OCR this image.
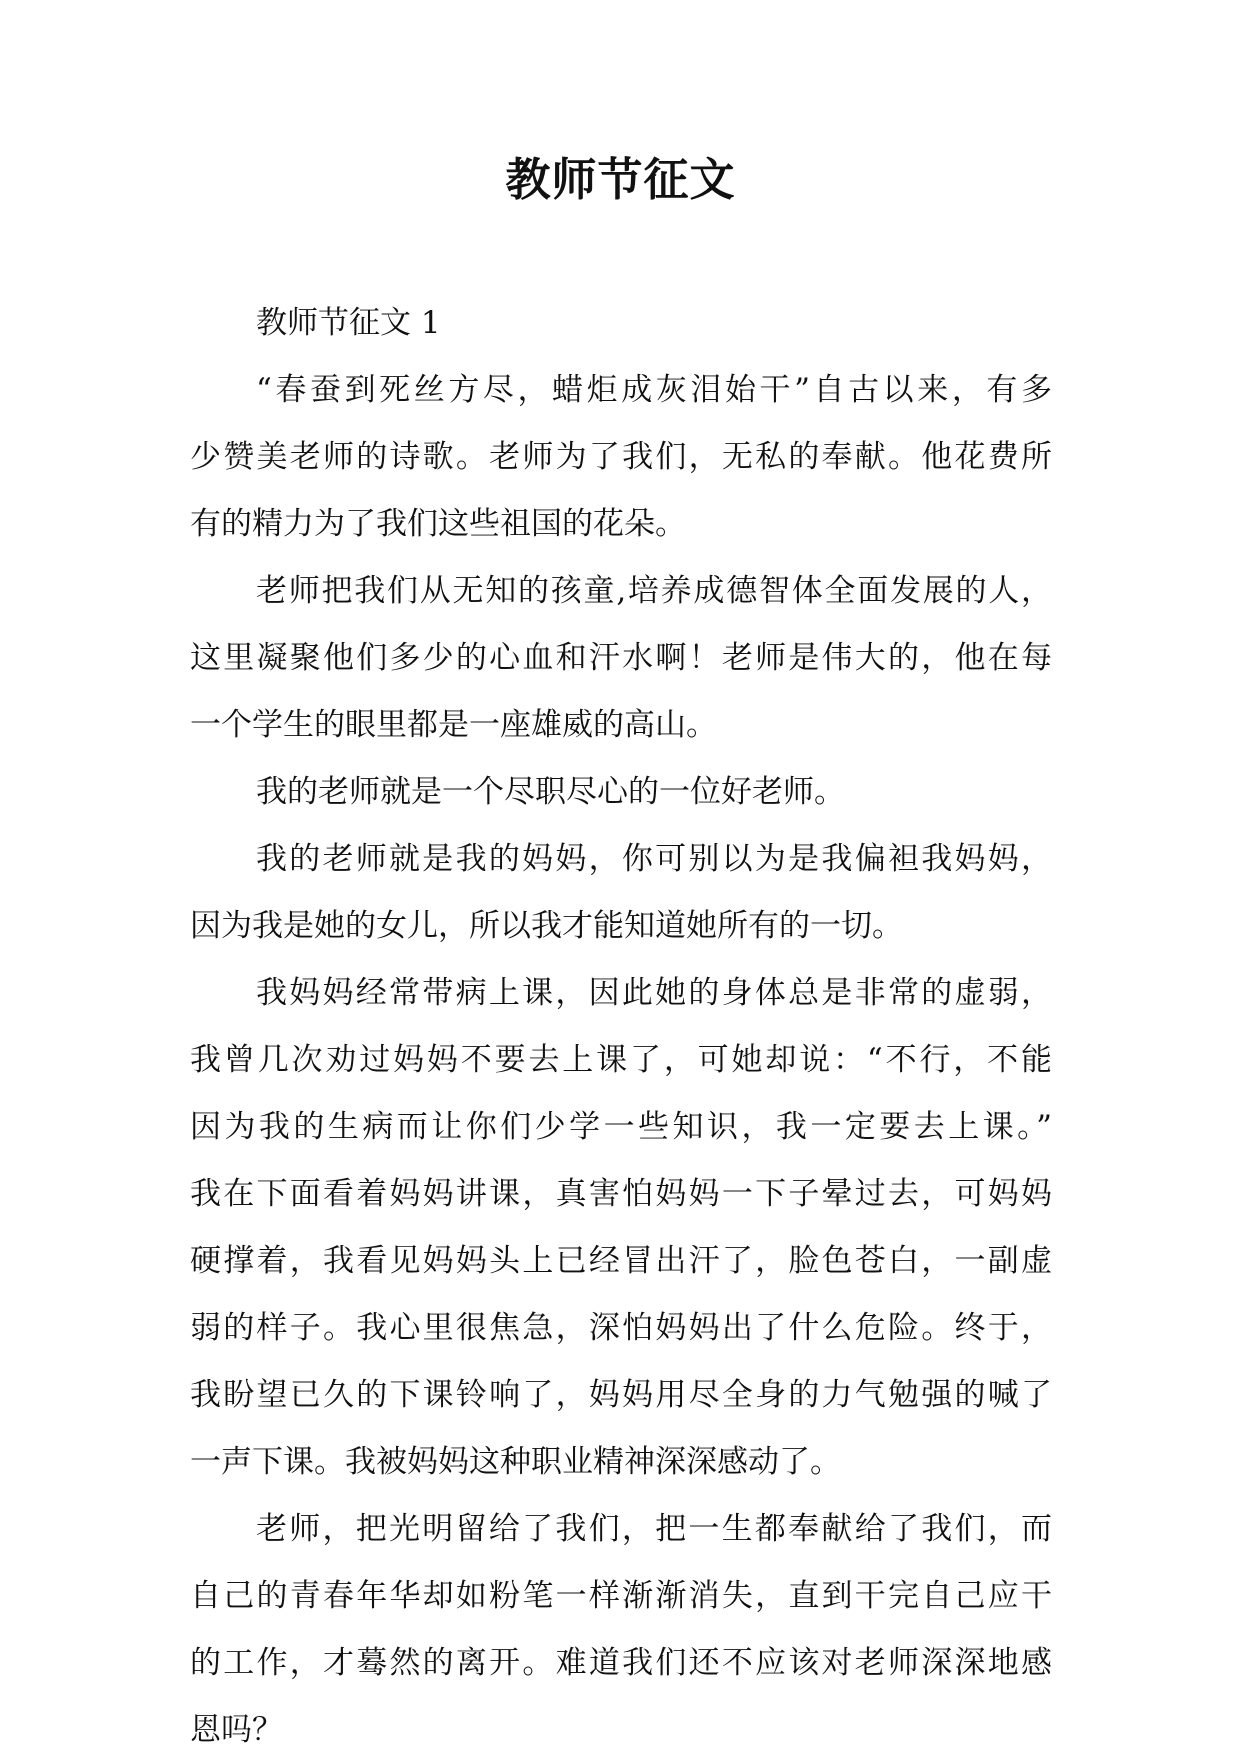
教师节征文
教师节征文 1
“春蚕到死丝方尽，蜡炬成灰泪始干”自古以来，有多
少赞美老师的诗歌。老师为了我们，无私的奉献。他花费所
有的精力为了我们这些祖国的花朵。
老师把我们从无知的孩童,培养成德智体全面发展的人，
这里凝聚他们多少的心血和汗水啊！老师是伟大的，他在每
一个学生的眼里都是一座雄威的高山。
我的老师就是一个尽职尽心的一位好老师。
我的老师就是我的妈妈，你可别以为是我偏袒我妈妈，
因为我是她的女儿，所以我才能知道她所有的一切。
我妈妈经常带病上课，因此她的身体总是非常的虚弱，
我曾几次劝过妈妈不要去上课了，可她却说：“不行，不能
因为我的生病而让你们少学一些知识，我一定要去上课。”
我在下面看着妈妈讲课，真害怕妈妈一下子晕过去，可妈妈
硬撑着，我看见妈妈头上已经冒出汗了，脸色苍白，一副虚
弱的样子。我心里很焦急，深怕妈妈出了什么危险。终于，
我盼望已久的下课铃响了，妈妈用尽全身的力气勉强的喊了
一声下课。我被妈妈这种职业精神深深感动了。
老师，把光明留给了我们，把一生都奉献给了我们，而
自己的青春年华却如粉笔一样渐渐消失，直到干完自己应干
的工作，才蓦然的离开。难道我们还不应该对老师深深地感
恩吗？
